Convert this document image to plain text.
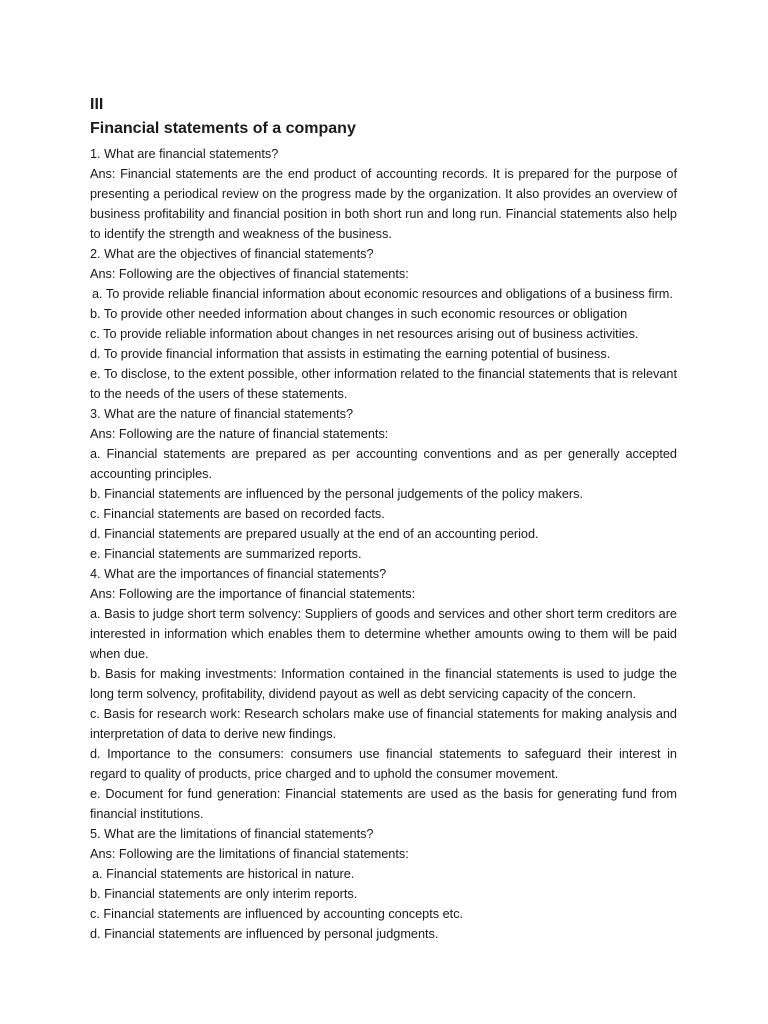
III
Financial statements of a company
1. What are financial statements?
Ans: Financial statements are the end product of accounting records. It is prepared for the purpose of presenting a periodical review on the progress made by the organization. It also provides an overview of business profitability and financial position in both short run and long run. Financial statements also help to identify the strength and weakness of the business.
2. What are the objectives of financial statements?
Ans: Following are the objectives of financial statements:
a. To provide reliable financial information about economic resources and obligations of a business firm.
b. To provide other needed information about changes in such economic resources or obligation
c. To provide reliable information about changes in net resources arising out of business activities.
d. To provide financial information that assists in estimating the earning potential of business.
e. To disclose, to the extent possible, other information related to the financial statements that is relevant to the needs of the users of these statements.
3. What are the nature of financial statements?
Ans: Following are the nature of financial statements:
a. Financial statements are prepared as per accounting conventions and as per generally accepted accounting principles.
b. Financial statements are influenced by the personal judgements of the policy makers.
c. Financial statements are based on recorded facts.
d. Financial statements are prepared usually at the end of an accounting period.
e. Financial statements are summarized reports.
4. What are the importances of financial statements?
Ans: Following are the importance of financial statements:
a. Basis to judge short term solvency: Suppliers of goods and services and other short term creditors are interested in information which enables them to determine whether amounts owing to them will be paid when due.
b. Basis for making investments: Information contained in the financial statements is used to judge the long term solvency, profitability, dividend payout as well as debt servicing capacity of the concern.
c. Basis for research work: Research scholars make use of financial statements for making analysis and interpretation of data to derive new findings.
d. Importance to the consumers: consumers use financial statements to safeguard their interest in regard to quality of products, price charged and to uphold the consumer movement.
e. Document for fund generation: Financial statements are used as the basis for generating fund from financial institutions.
5. What are the limitations of financial statements?
Ans: Following are the limitations of financial statements:
a. Financial statements are historical in nature.
b. Financial statements are only interim reports.
c. Financial statements are influenced by accounting concepts etc.
d. Financial statements are influenced by personal judgments.
